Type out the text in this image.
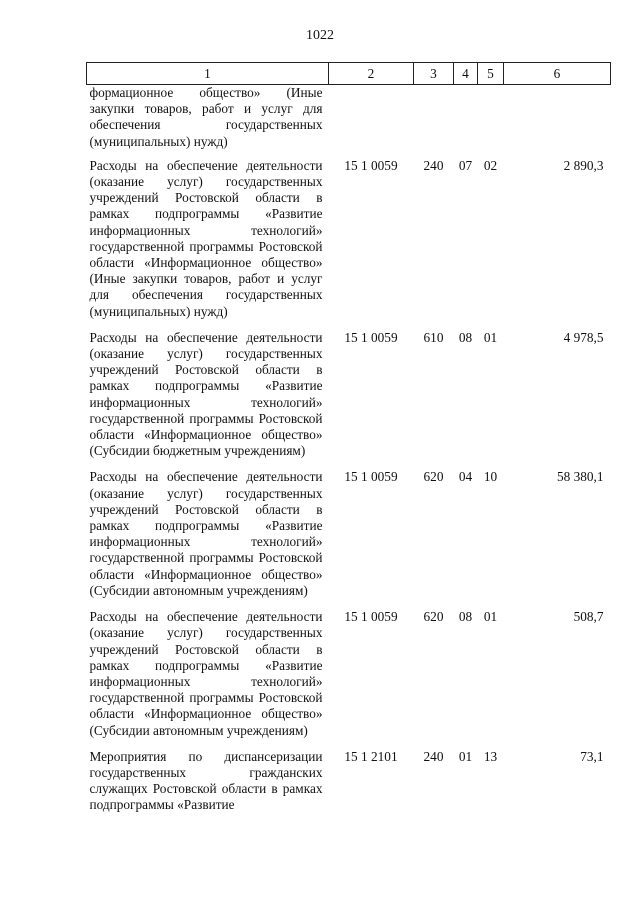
1022
1	2	3	4	5	6
формационное общество» (Иные закупки товаров, работ и услуг для обеспечения государственных (муниципальных) нужд)					
Расходы на обеспечение деятельности (оказание услуг) государственных учреждений Ростовской области в рамках подпрограммы «Развитие информационных технологий» государственной программы Ростовской области «Информационное общество» (Иные закупки товаров, работ и услуг для обеспечения государственных (муниципальных) нужд)	15 1 0059	240	07	02	2 890,3
Расходы на обеспечение деятельности (оказание услуг) государственных учреждений Ростовской области в рамках подпрограммы «Развитие информационных технологий» государственной программы Ростовской области «Информационное общество» (Субсидии бюджетным учреждениям)	15 1 0059	610	08	01	4 978,5
Расходы на обеспечение деятельности (оказание услуг) государственных учреждений Ростовской области в рамках подпрограммы «Развитие информационных технологий» государственной программы Ростовской области «Информационное общество» (Субсидии автономным учреждениям)	15 1 0059	620	04	10	58 380,1
Расходы на обеспечение деятельности (оказание услуг) государственных учреждений Ростовской области в рамках подпрограммы «Развитие информационных технологий» государственной программы Ростовской области «Информационное общество» (Субсидии автономным учреждениям)	15 1 0059	620	08	01	508,7
Мероприятия по диспансеризации государственных гражданских служащих Ростовской области в рамках подпрограммы «Развитие	15 1 2101	240	01	13	73,1
